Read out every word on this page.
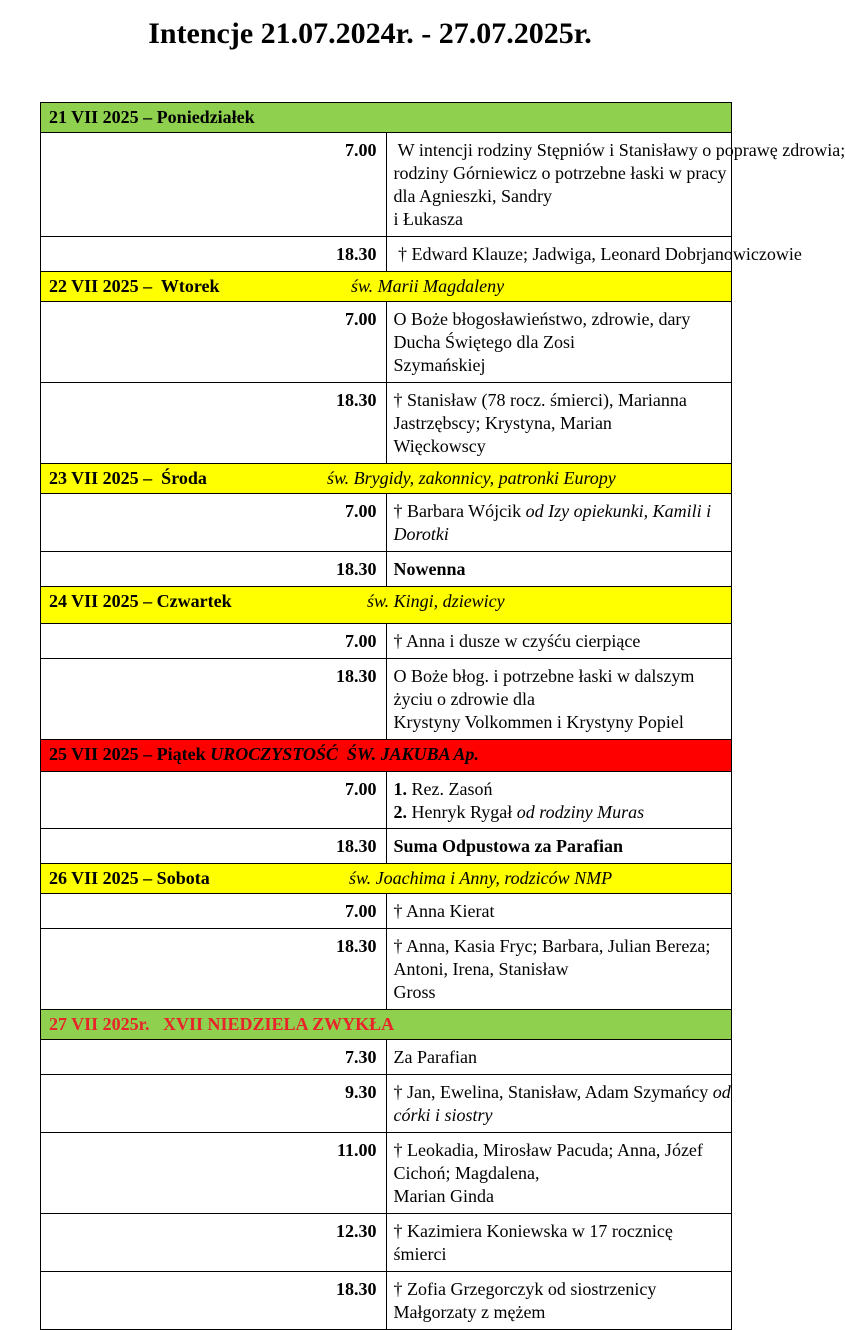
Intencje 21.07.2024r. - 27.07.2025r.
21 VII 2025 – Poniedziałek	

7.00	W intencji rodziny Stępniów i Stanisławy o poprawę zdrowia;
rodziny Górniewicz o potrzebne łaski w pracy dla Agnieszki, Sandry
i Łukasza

18.30	† Edward Klauze; Jadwiga, Leonard Dobrjanowiczowie

22 VII 2025 –  Wtorek św. Marii Magdaleny	

7.00	O Boże błogosławieństwo, zdrowie, dary Ducha Świętego dla Zosi
Szymańskiej

18.30	† Stanisław (78 rocz. śmierci), Marianna Jastrzębscy; Krystyna, Marian
Więckowscy

23 VII 2025 –  Środa św. Brygidy, zakonnicy, patronki Europy	

7.00	† Barbara Wójcik od Izy opiekunki, Kamili i Dorotki
18.30	Nowenna

24 VII 2025 – Czwartek św. Kingi, dziewicy	

7.00	† Anna i dusze w czyśću cierpiące

18.30	O Boże błog. i potrzebne łaski w dalszym życiu o zdrowie dla
Krystyny Volkommen i Krystyny Popiel

25 VII 2025 – Piątek UROCZYSTOŚĆ  ŚW. JAKUBA Ap.	

7.00	1. Rez. Zasoń
2. Henryk Rygał od rodziny Muras

18.30	Suma Odpustowa za Parafian

26 VII 2025 – Sobota św. Joachima i Anny, rodziców NMP	

7.00	† Anna Kierat

18.30	† Anna, Kasia Fryc; Barbara, Julian Bereza; Antoni, Irena, Stanisław
Gross

27 VII 2025r.   XVII NIEDZIELA ZWYKŁA	

7.30	Za Parafian

9.30	† Jan, Ewelina, Stanisław, Adam Szymańcy od córki i siostry
11.00	† Leokadia, Mirosław Pacuda; Anna, Józef Cichoń; Magdalena,
Marian Ginda

12.30	† Kazimiera Koniewska w 17 rocznicę śmierci

18.30	† Zofia Grzegorczyk od siostrzenicy Małgorzaty z mężem
